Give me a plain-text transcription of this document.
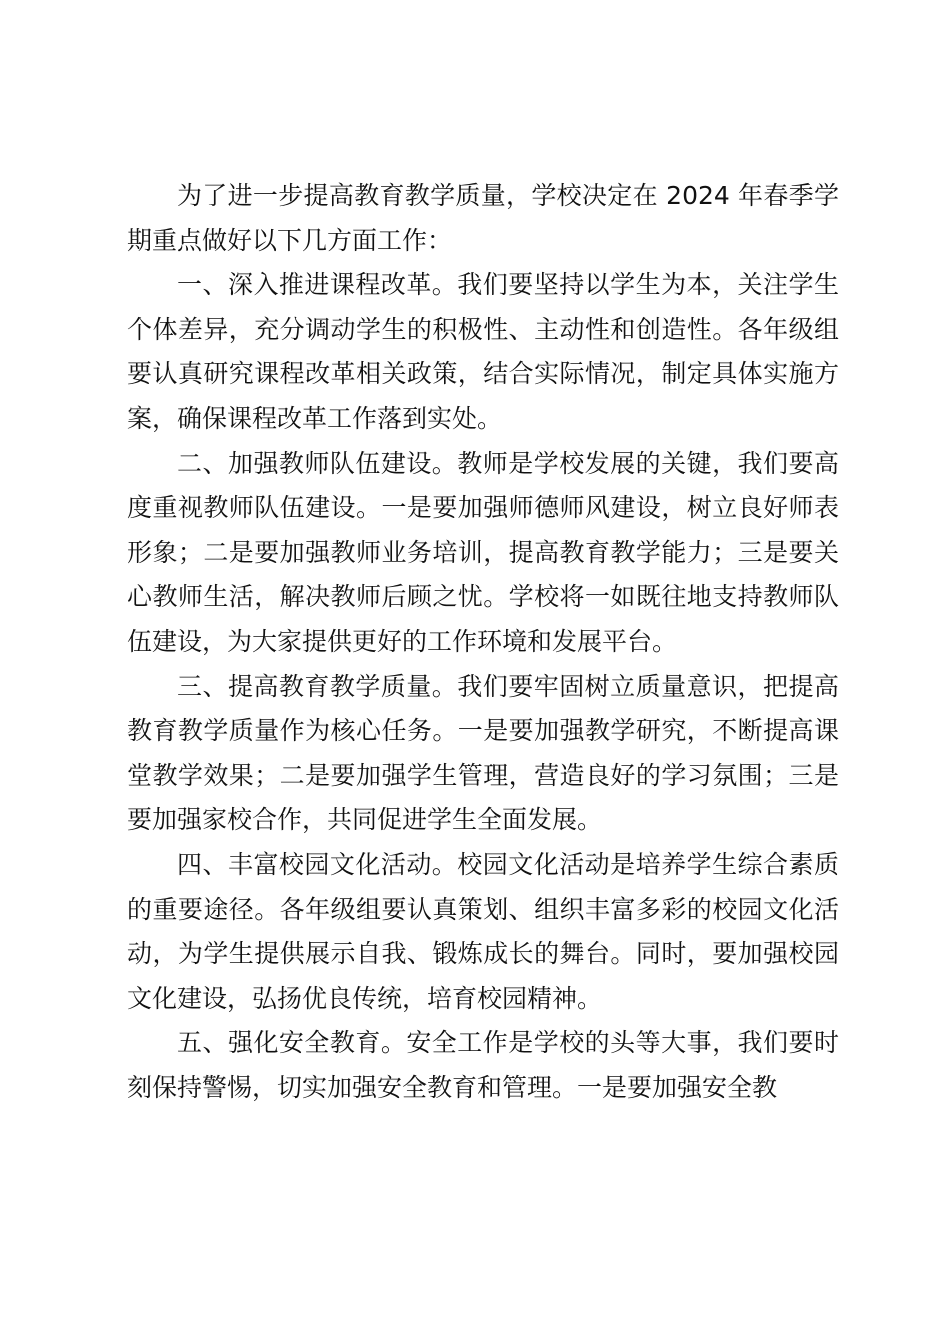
为了进一步提高教育教学质量，学校决定在 2024 年春季学期重点做好以下几方面工作：

一、深入推进课程改革。我们要坚持以学生为本，关注学生个体差异，充分调动学生的积极性、主动性和创造性。各年级组要认真研究课程改革相关政策，结合实际情况，制定具体实施方案，确保课程改革工作落到实处。

二、加强教师队伍建设。教师是学校发展的关键，我们要高度重视教师队伍建设。一是要加强师德师风建设，树立良好师表形象；二是要加强教师业务培训，提高教育教学能力；三是要关心教师生活，解决教师后顾之忧。学校将一如既往地支持教师队伍建设，为大家提供更好的工作环境和发展平台。

三、提高教育教学质量。我们要牢固树立质量意识，把提高教育教学质量作为核心任务。一是要加强教学研究，不断提高课堂教学效果；二是要加强学生管理，营造良好的学习氛围；三是要加强家校合作，共同促进学生全面发展。

四、丰富校园文化活动。校园文化活动是培养学生综合素质的重要途径。各年级组要认真策划、组织丰富多彩的校园文化活动，为学生提供展示自我、锻炼成长的舞台。同时，要加强校园文化建设，弘扬优良传统，培育校园精神。

五、强化安全教育。安全工作是学校的头等大事，我们要时刻保持警惕，切实加强安全教育和管理。一是要加强安全教
